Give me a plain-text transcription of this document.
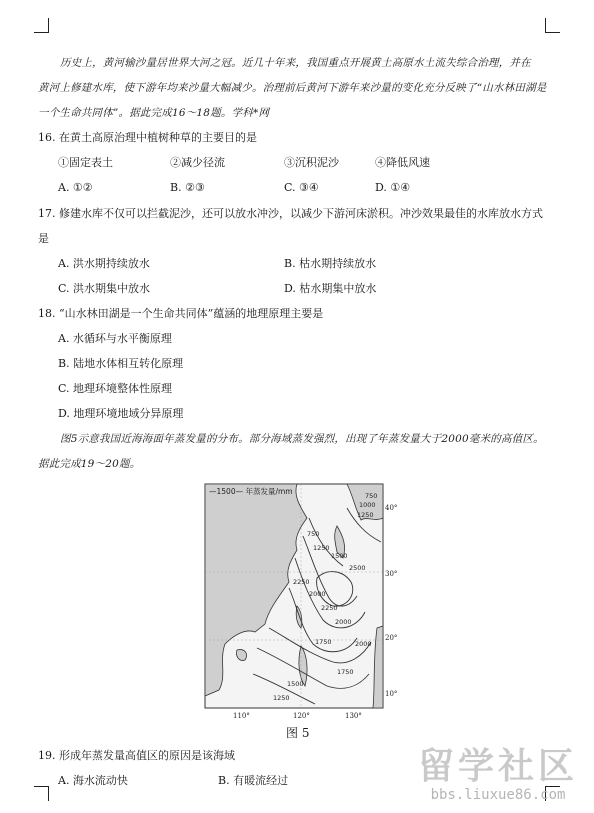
历史上，黄河输沙量居世界大河之冠。近几十年来，我国重点开展黄土高原水土流失综合治理，并在
黄河上修建水库，使下游年均来沙量大幅减少。治理前后黄河下游年来沙量的变化充分反映了“山水林田湖是
一个生命共同体”。据此完成16～18题。学科*网
16. 在黄土高原治理中植树种草的主要目的是
①固定表土	②减少径流	③沉积泥沙	④降低风速
A. ①②	B. ②③	C. ③④	D. ①④
17. 修建水库不仅可以拦截泥沙，还可以放水冲沙，以减少下游河床淤积。冲沙效果最佳的水库放水方式
是
A. 洪水期持续放水	B. 枯水期持续放水
C. 洪水期集中放水	D. 枯水期集中放水
18. “山水林田湖是一个生命共同体”蕴涵的地理原理主要是
A. 水循环与水平衡原理
B. 陆地水体相互转化原理
C. 地理环境整体性原理
D. 地理环境地域分异原理
图5示意我国近海海面年蒸发量的分布。部分海域蒸发强烈，出现了年蒸发量大于2000毫米的高值区。
据此完成19～20题。
—1500— 年蒸发量/mm
40°
30°
20°
10°
110°	120°	130°
750
1000
1250
750
1250
1500
2500
2250
2000
2250
2000
1750	2000
1750
1500
1250
图 5
19. 形成年蒸发量高值区的原因是该海域
A. 海水流动快	B. 有暖流经过	留学社区
bbs.liuxue86.com
